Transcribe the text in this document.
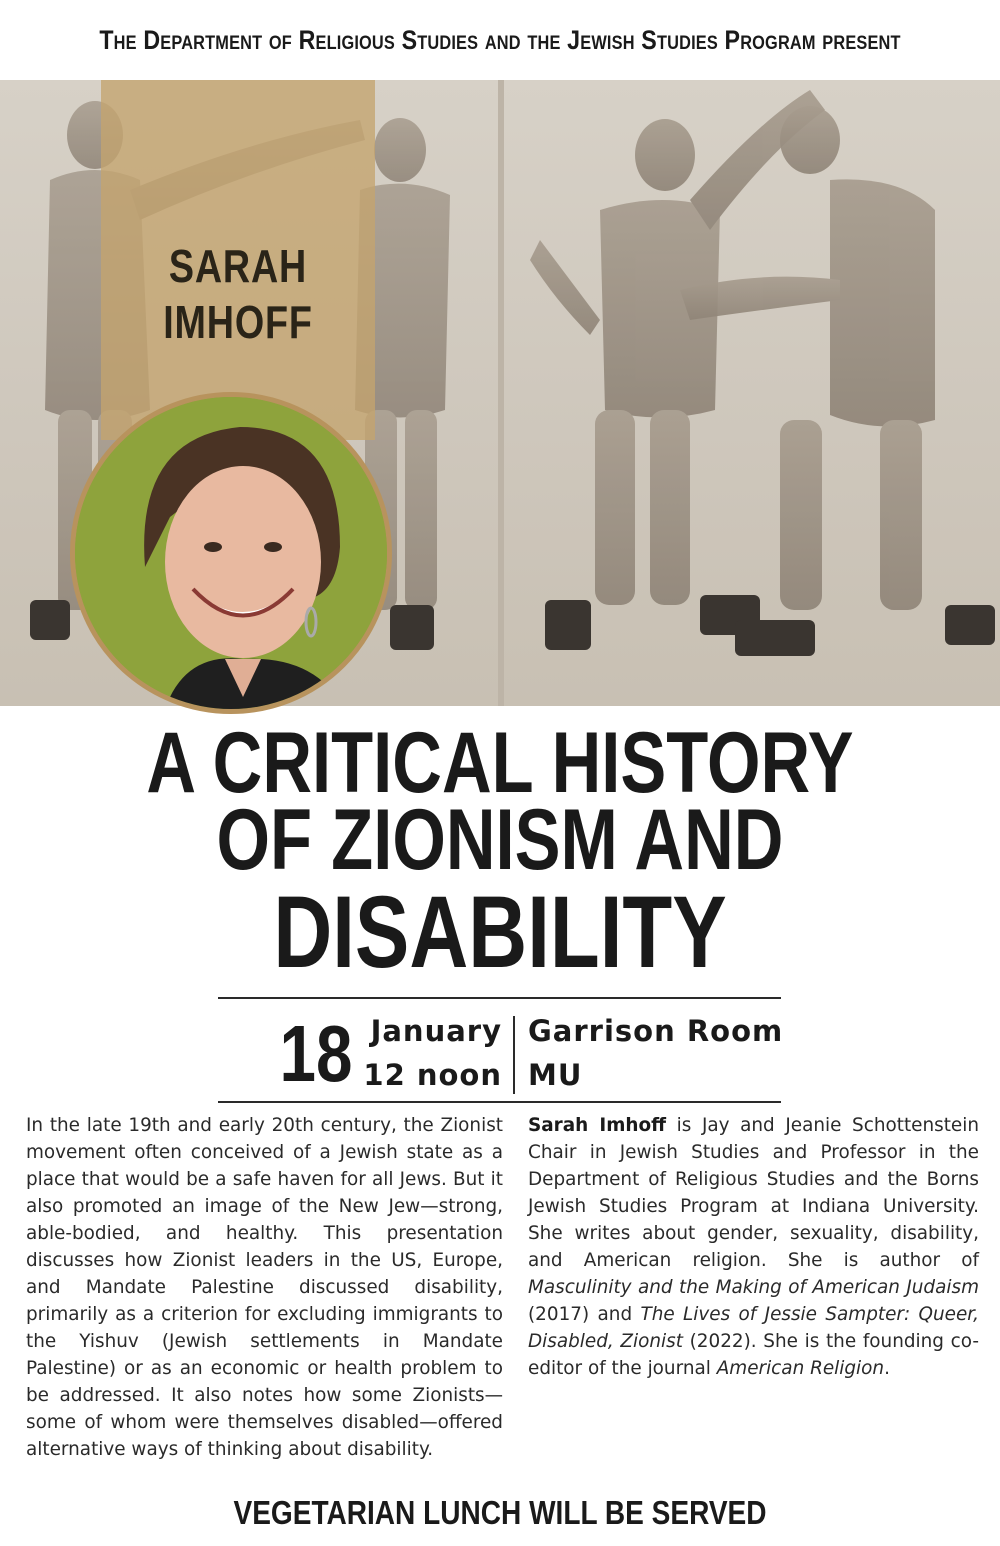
The Department of Religious Studies and the Jewish Studies Program present
SARAH
IMHOFF
A CRITICAL HISTORY
OF ZIONISM AND
DISABILITY
18 January
12 noon
Garrison Room
MU
In the late 19th and early 20th century, the Zionist movement often conceived of a Jewish state as a place that would be a safe haven for all Jews. But it also promoted an image of the New Jew—strong, able-bodied, and healthy. This presentation discusses how Zionist leaders in the US, Europe, and Mandate Palestine discussed disability, primarily as a criterion for excluding immigrants to the Yishuv (Jewish settlements in Mandate Palestine) or as an economic or health problem to be addressed. It also notes how some Zionists—some of whom were themselves disabled—offered alternative ways of thinking about disability.
Sarah Imhoff is Jay and Jeanie Schottenstein Chair in Jewish Studies and Professor in the Department of Religious Studies and the Borns Jewish Studies Program at Indiana University. She writes about gender, sexuality, disability, and American religion. She is author of Masculinity and the Making of American Judaism (2017) and The Lives of Jessie Sampter: Queer, Disabled, Zionist (2022). She is the founding co-editor of the journal American Religion.
VEGETARIAN LUNCH WILL BE SERVED
